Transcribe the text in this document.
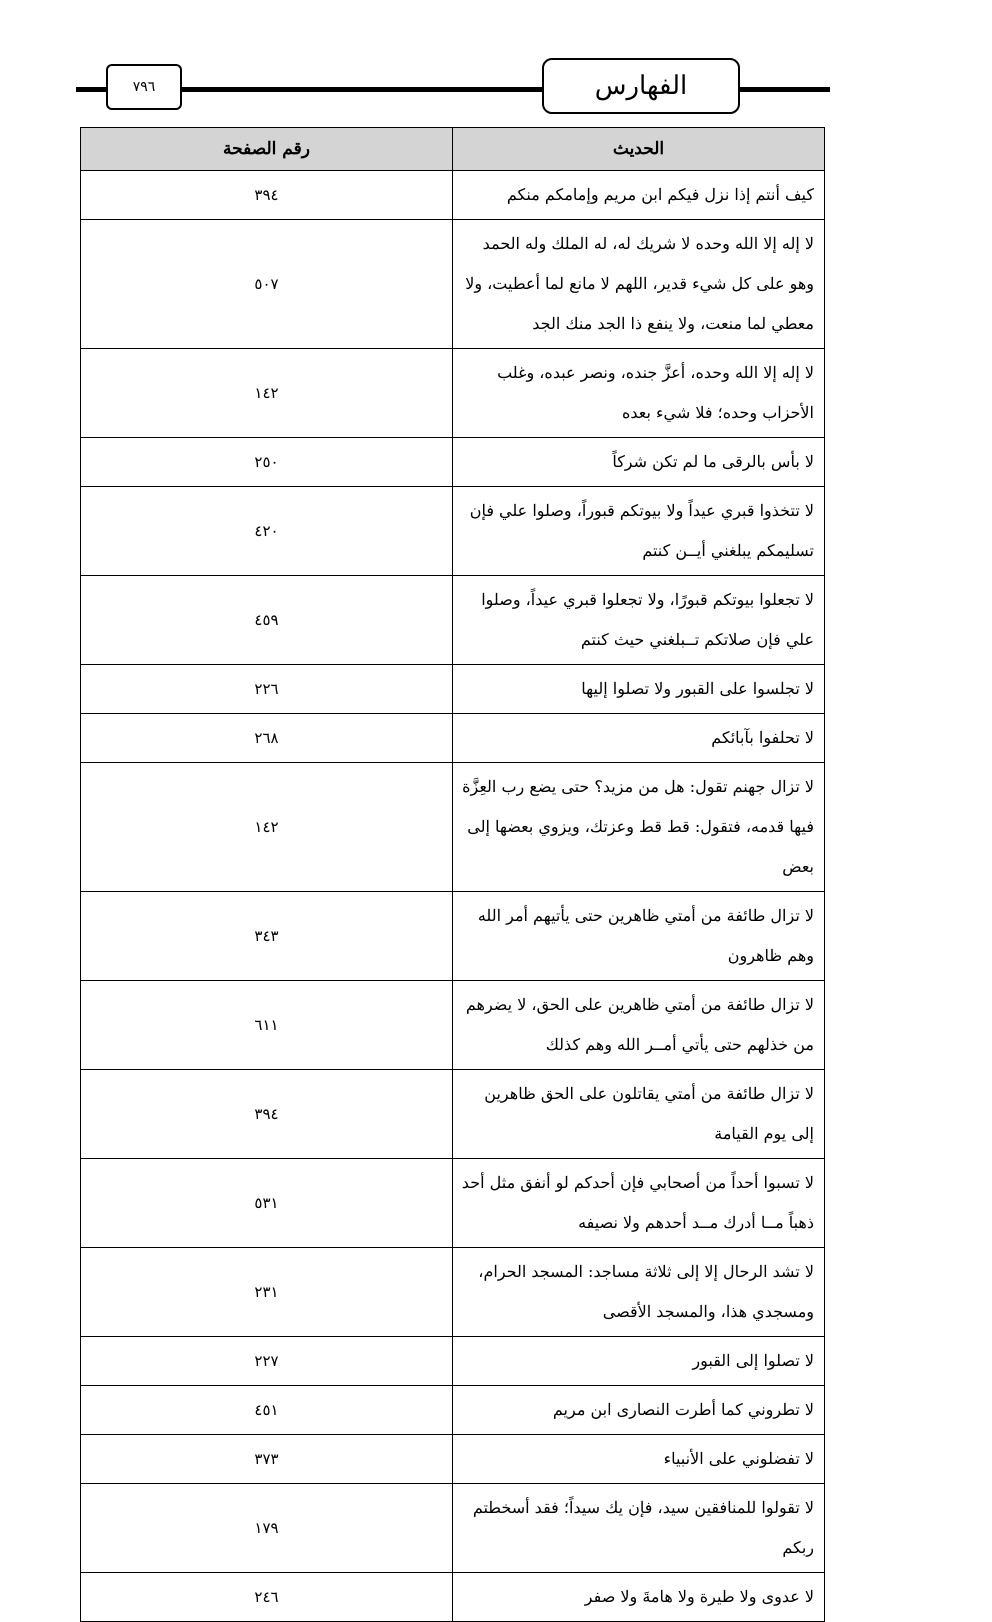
٧٩٦	الفهارس
الحديث	رقم الصفحة
كيف أنتم إذا نزل فيكم ابن مريم وإمامكم منكم	٣٩٤
لا إله إلا الله وحده لا شريك له، له الملك وله الحمد وهو على كل شيء قدير، اللهم لا مانع لما أعطيت، ولا معطي لما منعت، ولا ينفع ذا الجد منك الجد	٥٠٧
لا إله إلا الله وحده، أعزَّ جنده، ونصر عبده، وغلب الأحزاب وحده؛ فلا شيء بعده	١٤٢
لا بأس بالرقى ما لم تكن شركاً	٢٥٠
لا تتخذوا قبري عيداً ولا بيوتكم قبوراً، وصلوا علي فإن تسليمكم يبلغني أيــن كنتم	٤٢٠
لا تجعلوا بيوتكم قبورًا، ولا تجعلوا قبري عيداً، وصلوا علي فإن صلاتكم تــبلغني حيث كنتم	٤٥٩
لا تجلسوا على القبور ولا تصلوا إليها	٢٢٦
لا تحلفوا بآبائكم	٢٦٨
لا تزال جهنم تقول: هل من مزيد؟ حتى يضع رب العِزَّة فيها قدمه، فتقول: قط قط وعزتك، ويزوي بعضها إلى بعض	١٤٢
لا تزال طائفة من أمتي ظاهرين حتى يأتيهم أمر الله وهم ظاهرون	٣٤٣
لا تزال طائفة من أمتي ظاهرين على الحق، لا يضرهم من خذلهم حتى يأتي أمــر الله وهم كذلك	٦١١
لا تزال طائفة من أمتي يقاتلون على الحق ظاهرين إلى يوم القيامة	٣٩٤
لا تسبوا أحداً من أصحابي فإن أحدكم لو أنفق مثل أحد ذهباً مــا أدرك مــد أحدهم ولا نصيفه	٥٣١
لا تشد الرحال إلا إلى ثلاثة مساجد: المسجد الحرام، ومسجدي هذا، والمسجد الأقصى	٢٣١
لا تصلوا إلى القبور	٢٢٧
لا تطروني كما أطرت النصارى ابن مريم	٤٥١
لا تفضلوني على الأنبياء	٣٧٣
لا تقولوا للمنافقين سيد، فإن يك سيداً؛ فقد أسخطتم ربكم	١٧٩
لا عدوى ولا طيرة ولا هامةَ ولا صفر	٢٤٦
